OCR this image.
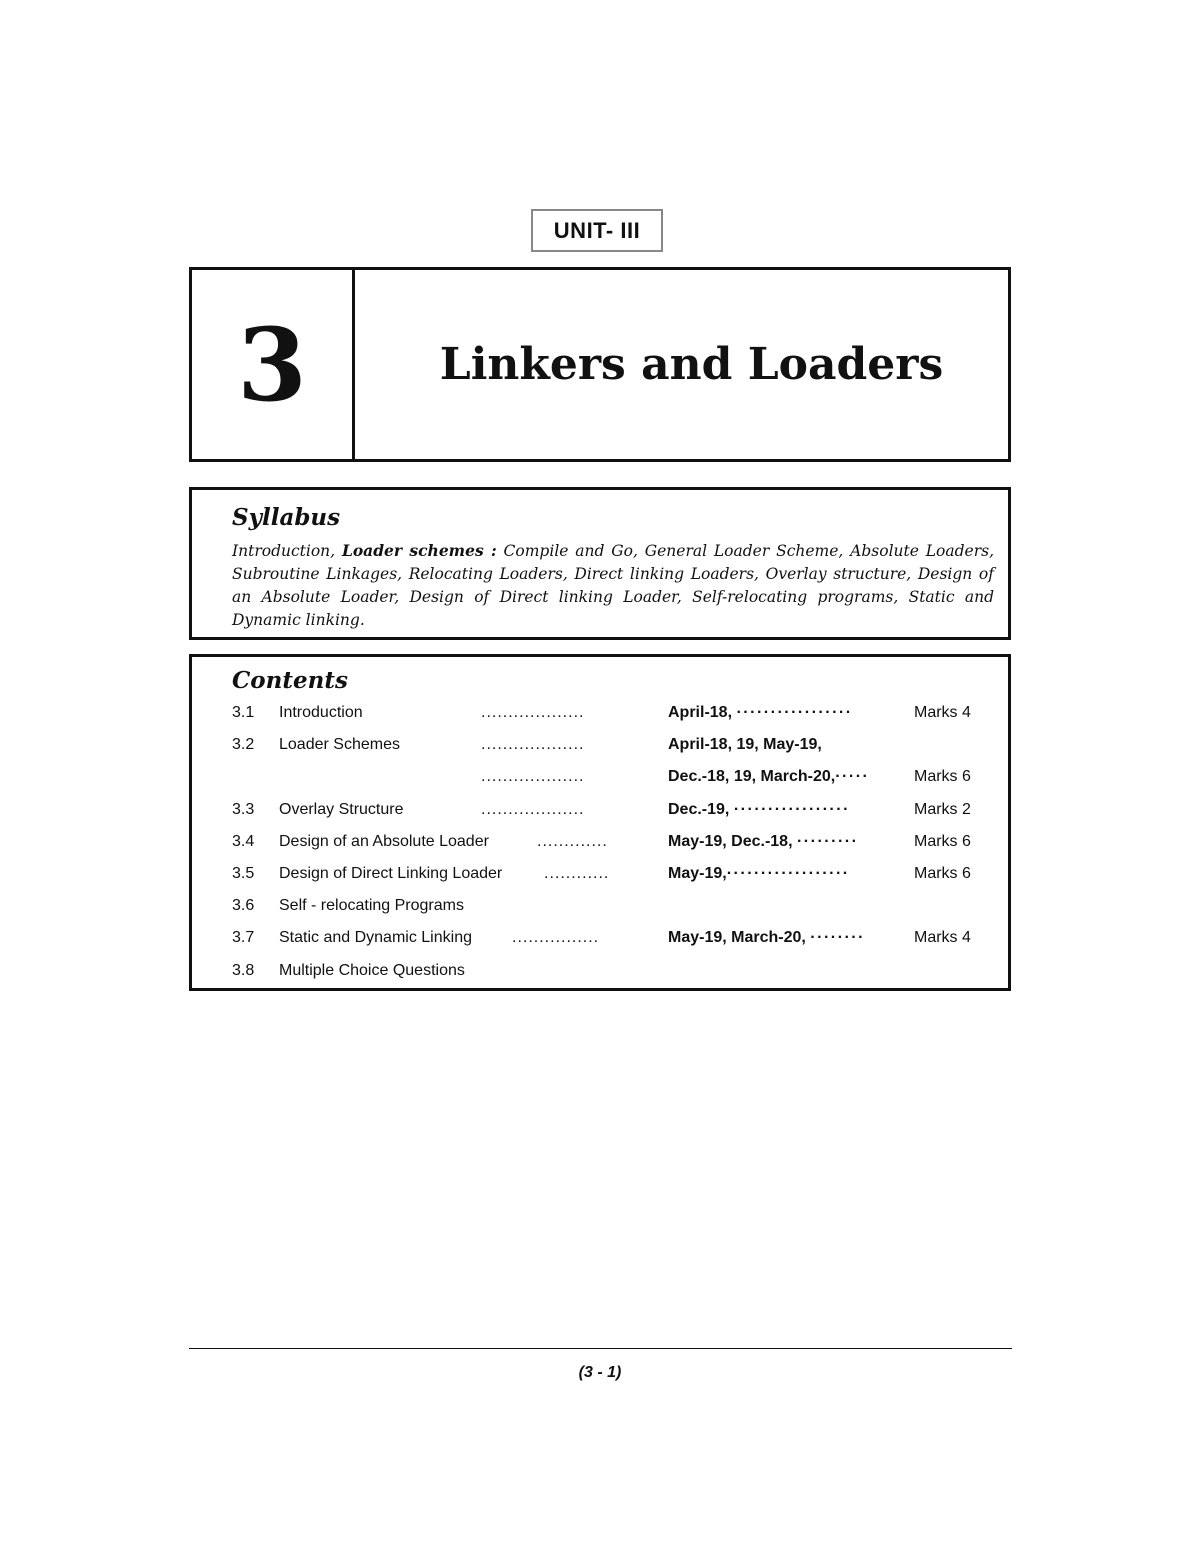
UNIT- III
3	Linkers and Loaders
Syllabus

Introduction, Loader schemes : Compile and Go, General Loader Scheme, Absolute Loaders, Subroutine Linkages, Relocating Loaders, Direct linking Loaders, Overlay structure, Design of an Absolute Loader, Design of Direct linking Loader, Self-relocating programs, Static and Dynamic linking.

Contents
3.1 Introduction	...................	April-18, ·················	Marks 4
3.2 Loader Schemes	...................	April-18, 19, May-19,
...................	Dec.-18, 19, March-20,·····	Marks 6
3.3 Overlay Structure	...................	Dec.-19, ·················	Marks 2
3.4 Design of an Absolute Loader	.............	May-19, Dec.-18, ·········	Marks 6
3.5 Design of Direct Linking Loader	............	May-19,··················	Marks 6
3.6 Self - relocating Programs
3.7 Static and Dynamic Linking	................	May-19, March-20, ········	Marks 4
3.8 Multiple Choice Questions
(3 - 1)
